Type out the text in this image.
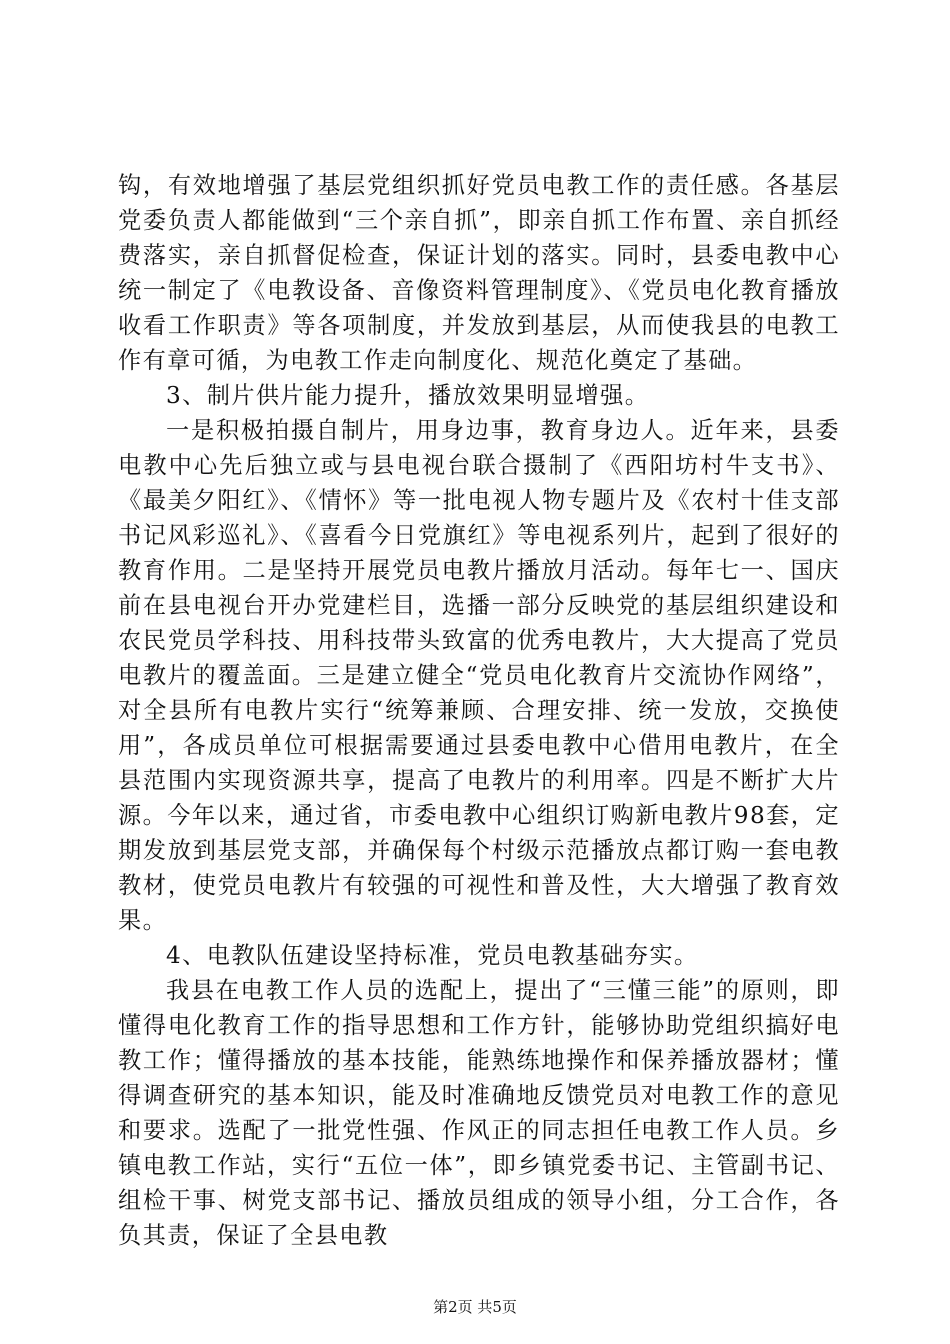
钩，有效地增强了基层党组织抓好党员电教工作的责任感。各基层党委负责人都能做到“三个亲自抓”，即亲自抓工作布置、亲自抓经费落实，亲自抓督促检查，保证计划的落实。同时，县委电教中心统一制定了《电教设备、音像资料管理制度》、《党员电化教育播放收看工作职责》等各项制度，并发放到基层，从而使我县的电教工作有章可循，为电教工作走向制度化、规范化奠定了基础。

3、制片供片能力提升，播放效果明显增强。

一是积极拍摄自制片，用身边事，教育身边人。近年来，县委电教中心先后独立或与县电视台联合摄制了《西阳坊村牛支书》、《最美夕阳红》、《情怀》等一批电视人物专题片及《农村十佳支部书记风彩巡礼》、《喜看今日党旗红》等电视系列片，起到了很好的教育作用。二是坚持开展党员电教片播放月活动。每年七一、国庆前在县电视台开办党建栏目，选播一部分反映党的基层组织建设和农民党员学科技、用科技带头致富的优秀电教片，大大提高了党员电教片的覆盖面。三是建立健全“党员电化教育片交流协作网络”，对全县所有电教片实行“统筹兼顾、合理安排、统一发放，交换使用”，各成员单位可根据需要通过县委电教中心借用电教片，在全县范围内实现资源共享，提高了电教片的利用率。四是不断扩大片源。今年以来，通过省，市委电教中心组织订购新电教片98套，定期发放到基层党支部，并确保每个村级示范播放点都订购一套电教教材，使党员电教片有较强的可视性和普及性，大大增强了教育效果。

4、电教队伍建设坚持标准，党员电教基础夯实。

我县在电教工作人员的选配上，提出了“三懂三能”的原则，即懂得电化教育工作的指导思想和工作方针，能够协助党组织搞好电教工作；懂得播放的基本技能，能熟练地操作和保养播放器材；懂得调查研究的基本知识，能及时准确地反馈党员对电教工作的意见和要求。选配了一批党性强、作风正的同志担任电教工作人员。乡镇电教工作站，实行“五位一体”，即乡镇党委书记、主管副书记、组检干事、树党支部书记、播放员组成的领导小组，分工合作，各负其责，保证了全县电教

第2页 共5页
